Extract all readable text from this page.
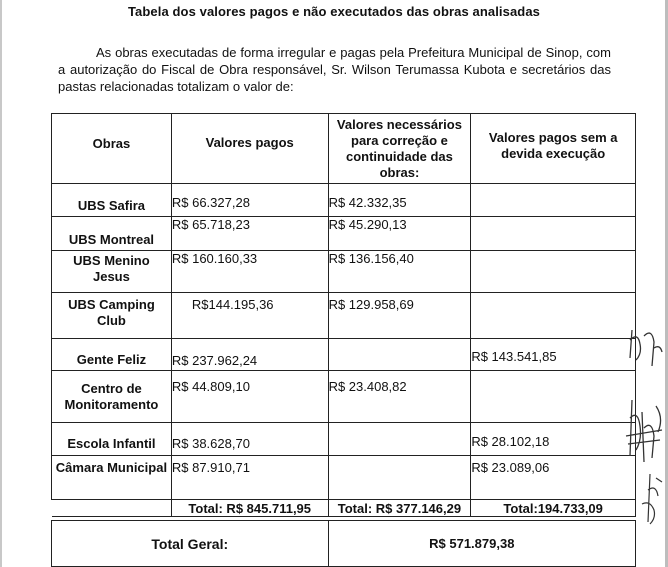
Tabela dos valores pagos e não executados das obras analisadas
As obras executadas de forma irregular e pagas pela Prefeitura Municipal de Sinop, com a autorização do Fiscal de Obra responsável, Sr. Wilson Terumassa Kubota e secretários das pastas relacionadas totalizam o valor de:
Obras	Valores pagos	Valores necessários para correção e continuidade das obras:	Valores pagos sem a devida execução
UBS Safira	R$ 66.327,28	R$ 42.332,35	
UBS Montreal	R$ 65.718,23	R$ 45.290,13	
UBS Menino Jesus	R$ 160.160,33	R$ 136.156,40	
UBS Camping Club	R$144.195,36	R$ 129.958,69	
Gente Feliz	R$ 237.962,24		R$ 143.541,85
Centro de Monitoramento	R$ 44.809,10	R$ 23.408,82	
Escola Infantil	R$ 38.628,70		R$ 28.102,18
Câmara Municipal	R$ 87.910,71		R$ 23.089,06
	Total: R$ 845.711,95	Total: R$ 377.146,29	Total:194.733,09

Total Geral:		R$ 571.879,38	
